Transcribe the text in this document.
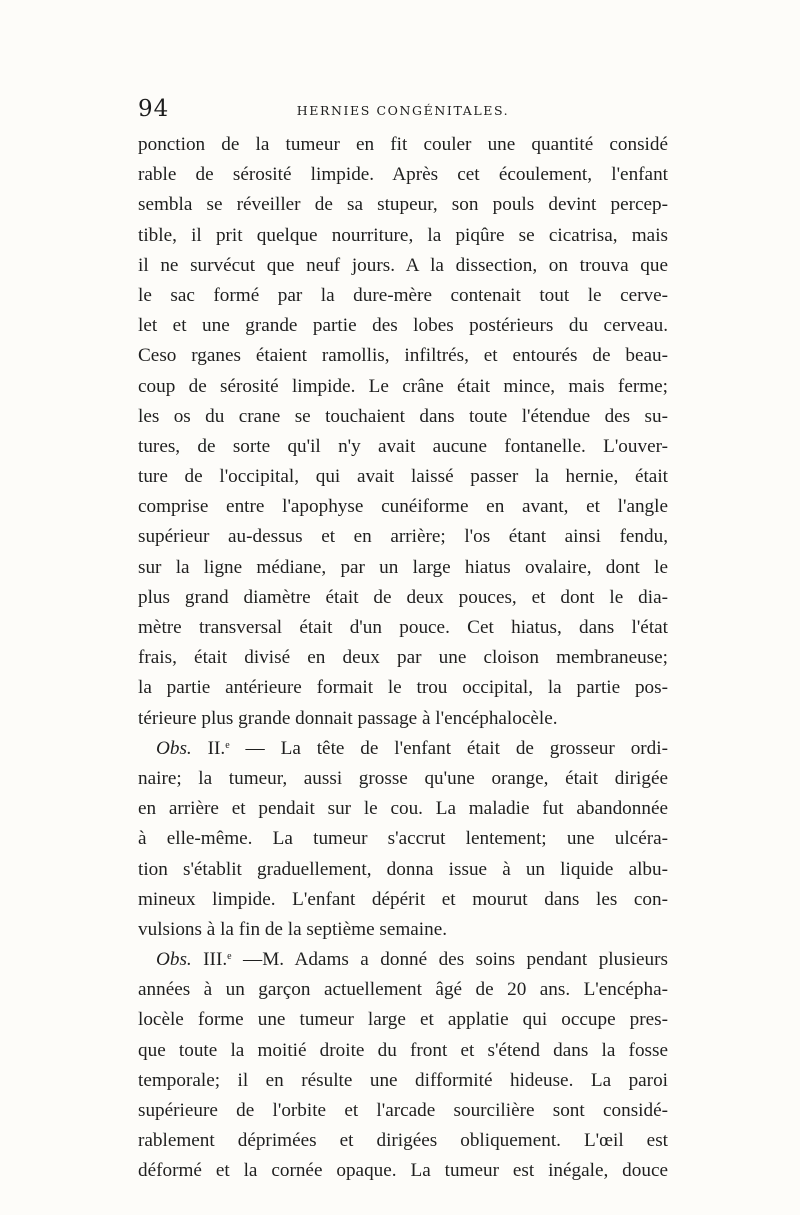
94	HERNIES CONGÉNITALES.
ponction de la tumeur en fit couler une quantité considé
rable de sérosité limpide. Après cet écoulement, l'enfant
sembla se réveiller de sa stupeur, son pouls devint percep-
tible, il prit quelque nourriture, la piqûre se cicatrisa, mais
il ne survécut que neuf jours. A la dissection, on trouva que
le sac formé par la dure-mère contenait tout le cerve-
let et une grande partie des lobes postérieurs du cerveau.
Ceso rganes étaient ramollis, infiltrés, et entourés de beau-
coup de sérosité limpide. Le crâne était mince, mais ferme;
les os du crane se touchaient dans toute l'étendue des su-
tures, de sorte qu'il n'y avait aucune fontanelle. L'ouver-
ture de l'occipital, qui avait laissé passer la hernie, était
comprise entre l'apophyse cunéiforme en avant, et l'angle
supérieur au-dessus et en arrière; l'os étant ainsi fendu,
sur la ligne médiane, par un large hiatus ovalaire, dont le
plus grand diamètre était de deux pouces, et dont le dia-
mètre transversal était d'un pouce. Cet hiatus, dans l'état
frais, était divisé en deux par une cloison membraneuse;
la partie antérieure formait le trou occipital, la partie pos-
térieure plus grande donnait passage à l'encéphalocèle.
Obs. II.$^e$ — La tête de l'enfant était de grosseur ordi-
naire; la tumeur, aussi grosse qu'une orange, était dirigée
en arrière et pendait sur le cou. La maladie fut abandonnée
à elle-même. La tumeur s'accrut lentement; une ulcéra-
tion s'établit graduellement, donna issue à un liquide albu-
mineux limpide. L'enfant dépérit et mourut dans les con-
vulsions à la fin de la septième semaine.
Obs. III.$^e$ —M. Adams a donné des soins pendant plusieurs
années à un garçon actuellement âgé de 20 ans. L'encépha-
locèle forme une tumeur large et applatie qui occupe pres-
que toute la moitié droite du front et s'étend dans la fosse
temporale; il en résulte une difformité hideuse. La paroi
supérieure de l'orbite et l'arcade sourcilière sont considé-
rablement déprimées et dirigées obliquement. L'œil est
déformé et la cornée opaque. La tumeur est inégale, douce
